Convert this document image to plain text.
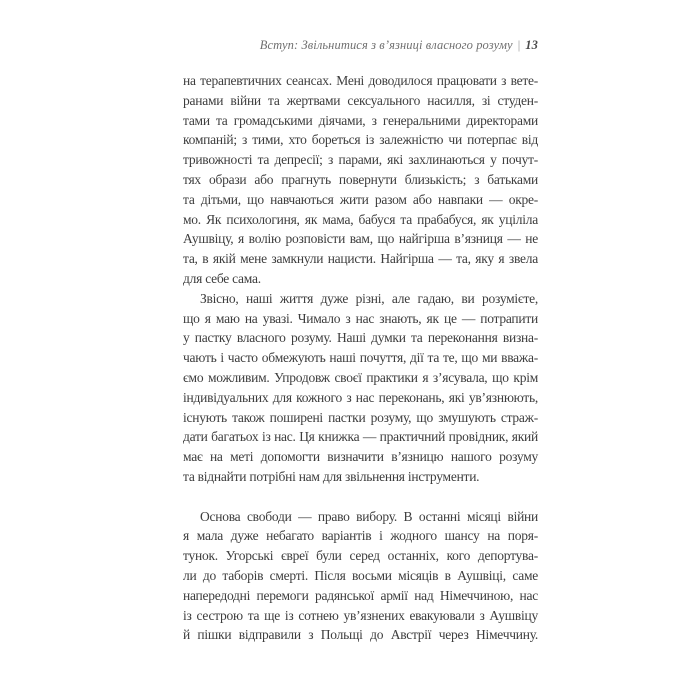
Вступ: Звільнитися з в’язниці власного розуму | 13
на терапевтичних сеансах. Мені доводилося працювати з вете-
ранами війни та жертвами сексуального насилля, зі студен-
тами та громадськими діячами, з генеральними директорами
компаній; з тими, хто бореться із залежністю чи потерпає від
тривожності та депресії; з парами, які захлинаються у почут-
тях образи або прагнуть повернути близькість; з батьками
та дітьми, що навчаються жити разом або навпаки — окре-
мо. Як психологиня, як мама, бабуся та прабабуся, як уціліла
Аушвіцу, я волію розповісти вам, що найгірша в’язниця — не
та, в якій мене замкнули нацисти. Найгірша — та, яку я звела
для себе сама.
Звісно, наші життя дуже різні, але гадаю, ви розумієте,
що я маю на увазі. Чимало з нас знають, як це — потрапити
у пастку власного розуму. Наші думки та переконання визна-
чають і часто обмежують наші почуття, дії та те, що ми вважа-
ємо можливим. Упродовж своєї практики я з’ясувала, що крім
індивідуальних для кожного з нас переконань, які ув’язнюють,
існують також поширені пастки розуму, що змушують страж-
дати багатьох із нас. Ця книжка — практичний провідник, який
має на меті допомогти визначити в’язницю нашого розуму
та віднайти потрібні нам для звільнення інструменти.
Основа свободи — право вибору. В останні місяці війни
я мала дуже небагато варіантів і жодного шансу на поря-
тунок. Угорські євреї були серед останніх, кого депортува-
ли до таборів смерті. Після восьми місяців в Аушвіці, саме
напередодні перемоги радянської армії над Німеччиною, нас
із сестрою та ще із сотнею ув’язнених евакуювали з Аушвіцу
й пішки відправили з Польщі до Австрії через Німеччину.
